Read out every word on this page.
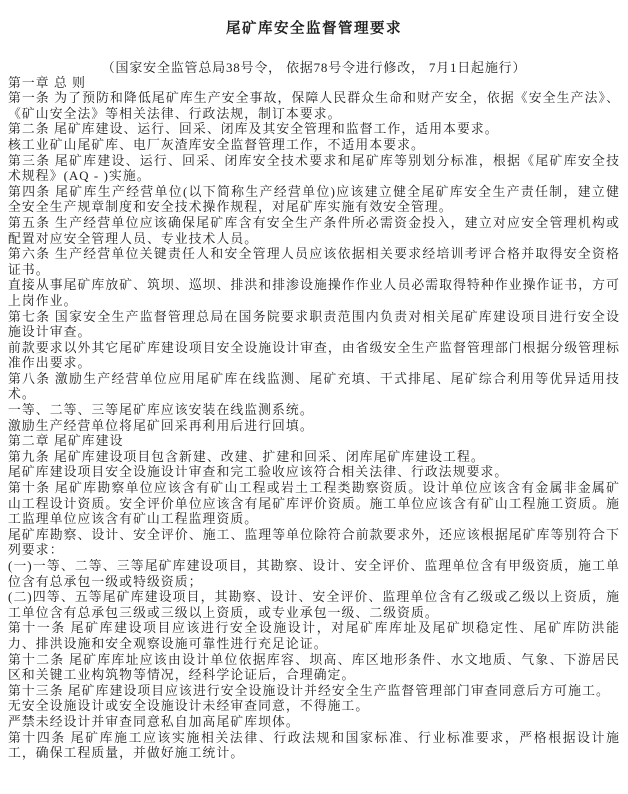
尾矿库安全监督管理要求

（国家安全监管总局38号令， 依据78号令进行修改， 7月1日起施行）

第一章 总 则

第一条 为了预防和降低尾矿库生产安全事故，保障人民群众生命和财产安全，依据《安全生产法》、《矿山安全法》等相关法律、行政法规，制订本要求。

第二条 尾矿库建设、运行、回采、闭库及其安全管理和监督工作，适用本要求。

核工业矿山尾矿库、电厂灰渣库安全监督管理工作，不适用本要求。

第三条 尾矿库建设、运行、回采、闭库安全技术要求和尾矿库等别划分标准，根据《尾矿库安全技术规程》(AQ - )实施。

第四条 尾矿库生产经营单位(以下简称生产经营单位)应该建立健全尾矿库安全生产责任制，建立健全安全生产规章制度和安全技术操作规程，对尾矿库实施有效安全管理。

第五条 生产经营单位应该确保尾矿库含有安全生产条件所必需资金投入，建立对应安全管理机构或配置对应安全管理人员、专业技术人员。

第六条 生产经营单位关键责任人和安全管理人员应该依据相关要求经培训考评合格并取得安全资格证书。

直接从事尾矿库放矿、筑坝、巡坝、排洪和排渗设施操作作业人员必需取得特种作业操作证书，方可上岗作业。

第七条 国家安全生产监督管理总局在国务院要求职责范围内负责对相关尾矿库建设项目进行安全设施设计审查。

前款要求以外其它尾矿库建设项目安全设施设计审查，由省级安全生产监督管理部门根据分级管理标准作出要求。

第八条 激励生产经营单位应用尾矿库在线监测、尾矿充填、干式排尾、尾矿综合利用等优异适用技术。

一等、二等、三等尾矿库应该安装在线监测系统。

激励生产经营单位将尾矿回采再利用后进行回填。

第二章 尾矿库建设

第九条 尾矿库建设项目包含新建、改建、扩建和回采、闭库尾矿库建设工程。

尾矿库建设项目安全设施设计审查和完工验收应该符合相关法律、行政法规要求。

第十条 尾矿库勘察单位应该含有矿山工程或岩土工程类勘察资质。设计单位应该含有金属非金属矿山工程设计资质。安全评价单位应该含有尾矿库评价资质。施工单位应该含有矿山工程施工资质。施工监理单位应该含有矿山工程监理资质。

尾矿库勘察、设计、安全评价、施工、监理等单位除符合前款要求外，还应该根据尾矿库等别符合下列要求：

(一)一等、二等、三等尾矿库建设项目，其勘察、设计、安全评价、监理单位含有甲级资质，施工单位含有总承包一级或特级资质；

(二)四等、五等尾矿库建设项目，其勘察、设计、安全评价、监理单位含有乙级或乙级以上资质，施工单位含有总承包三级或三级以上资质，或专业承包一级、二级资质。

第十一条 尾矿库建设项目应该进行安全设施设计，对尾矿库库址及尾矿坝稳定性、尾矿库防洪能力、排洪设施和安全观察设施可靠性进行充足论证。

第十二条 尾矿库库址应该由设计单位依据库容、坝高、库区地形条件、水文地质、气象、下游居民区和关键工业构筑物等情况，经科学论证后，合理确定。

第十三条 尾矿库建设项目应该进行安全设施设计并经安全生产监督管理部门审查同意后方可施工。

无安全设施设计或安全设施设计未经审查同意，不得施工。

严禁未经设计并审查同意私自加高尾矿库坝体。

第十四条 尾矿库施工应该实施相关法律、行政法规和国家标准、行业标准要求，严格根据设计施工，确保工程质量，并做好施工统计。
